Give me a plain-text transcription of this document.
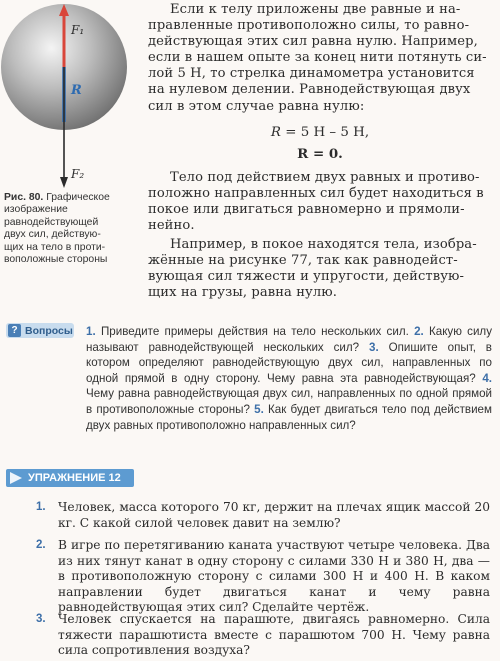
F₁
R
F₂
Рис. 80. Графическое
изображение
равнодействующей
двух сил, действую-
щих на тело в проти-
воположные стороны
Если к телу приложены две равные и на-
правленные противоположно силы, то равно-
действующая этих сил равна нулю. Например,
если в нашем опыте за конец нити потянуть си-
лой 5 Н, то стрелка динамометра установится
на нулевом делении. Равнодействующая двух
сил в этом случае равна нулю:
R = 5 Н – 5 Н,
R = 0.
Тело под действием двух равных и противо-
положно направленных сил будет находиться в
покое или двигаться равномерно и прямоли-
нейно.
Например, в покое находятся тела, изобра-
жённые на рисунке 77, так как равнодейст-
вующая сил тяжести и упругости, действую-
щих на грузы, равна нулю.
? Вопросы 1. Приведите примеры действия на тело нескольких сил. 2. Какую силу называют равнодействующей нескольких сил? 3. Опишите опыт, в котором определяют равнодействующую двух сил, направленных по одной прямой в одну сторону. Чему равна эта равнодействующая? 4. Чему равна равнодействующая двух сил, направленных по одной прямой в противоположные стороны? 5. Как будет двигаться тело под действием двух равных противоположно направленных сил?
УПРАЖНЕНИЕ 12
1. Человек, масса которого 70 кг, держит на плечах ящик массой 20 кг. С какой силой человек давит на землю?
2. В игре по перетягиванию каната участвуют четыре человека. Два из них тянут канат в одну сторону с силами 330 Н и 380 Н, два — в противоположную сторону с силами 300 Н и 400 Н. В каком направлении будет двигаться канат и чему равна равнодействующая этих сил? Сделайте чертёж.
3. Человек спускается на парашюте, двигаясь равномерно. Сила тяжести парашютиста вместе с парашютом 700 Н. Чему равна сила сопротивления воздуха?
